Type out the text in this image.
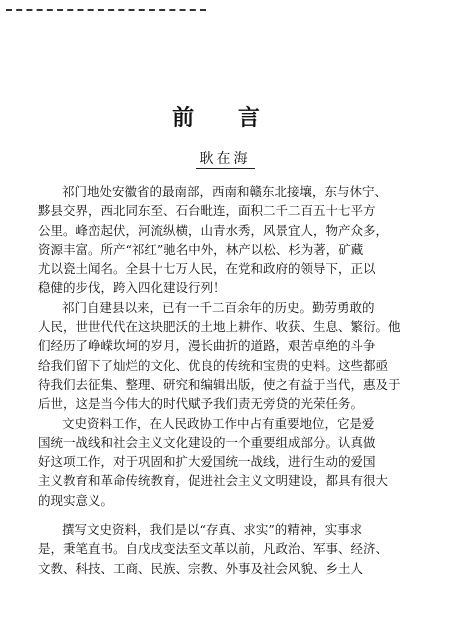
前 言
耿在海
祁门地处安徽省的最南部，西南和赣东北接壤，东与休宁、
黟县交界，西北同东至、石台毗连，面积二千二百五十七平方
公里。峰峦起伏，河流纵横，山青水秀，风景宜人，物产众多，
资源丰富。所产“祁红”驰名中外，林产以松、杉为著，矿藏
尤以瓷土闻名。全县十七万人民，在党和政府的领导下，正以
稳健的步伐，跨入四化建设行列！
祁门自建县以来，已有一千二百余年的历史。勤劳勇敢的
人民，世世代代在这块肥沃的土地上耕作、收获、生息、繁衍。他
们经历了峥嵘坎坷的岁月，漫长曲折的道路，艰苦卓绝的斗争
给我们留下了灿烂的文化、优良的传统和宝贵的史料。这些都亟
待我们去征集、整理、研究和编辑出版，使之有益于当代，惠及于
后世，这是当今伟大的时代赋予我们责无旁贷的光荣任务。
文史资料工作，在人民政协工作中占有重要地位，它是爱
国统一战线和社会主义文化建设的一个重要组成部分。认真做
好这项工作，对于巩固和扩大爱国统一战线，进行生动的爱国
主义教育和革命传统教育，促进社会主义文明建设，都具有很大
的现实意义。
撰写文史资料，我们是以“存真、求实”的精神，实事求
是，秉笔直书。自戊戌变法至文革以前，凡政治、军事、经济、
文教、科技、工商、民族、宗教、外事及社会风貌、乡土人
